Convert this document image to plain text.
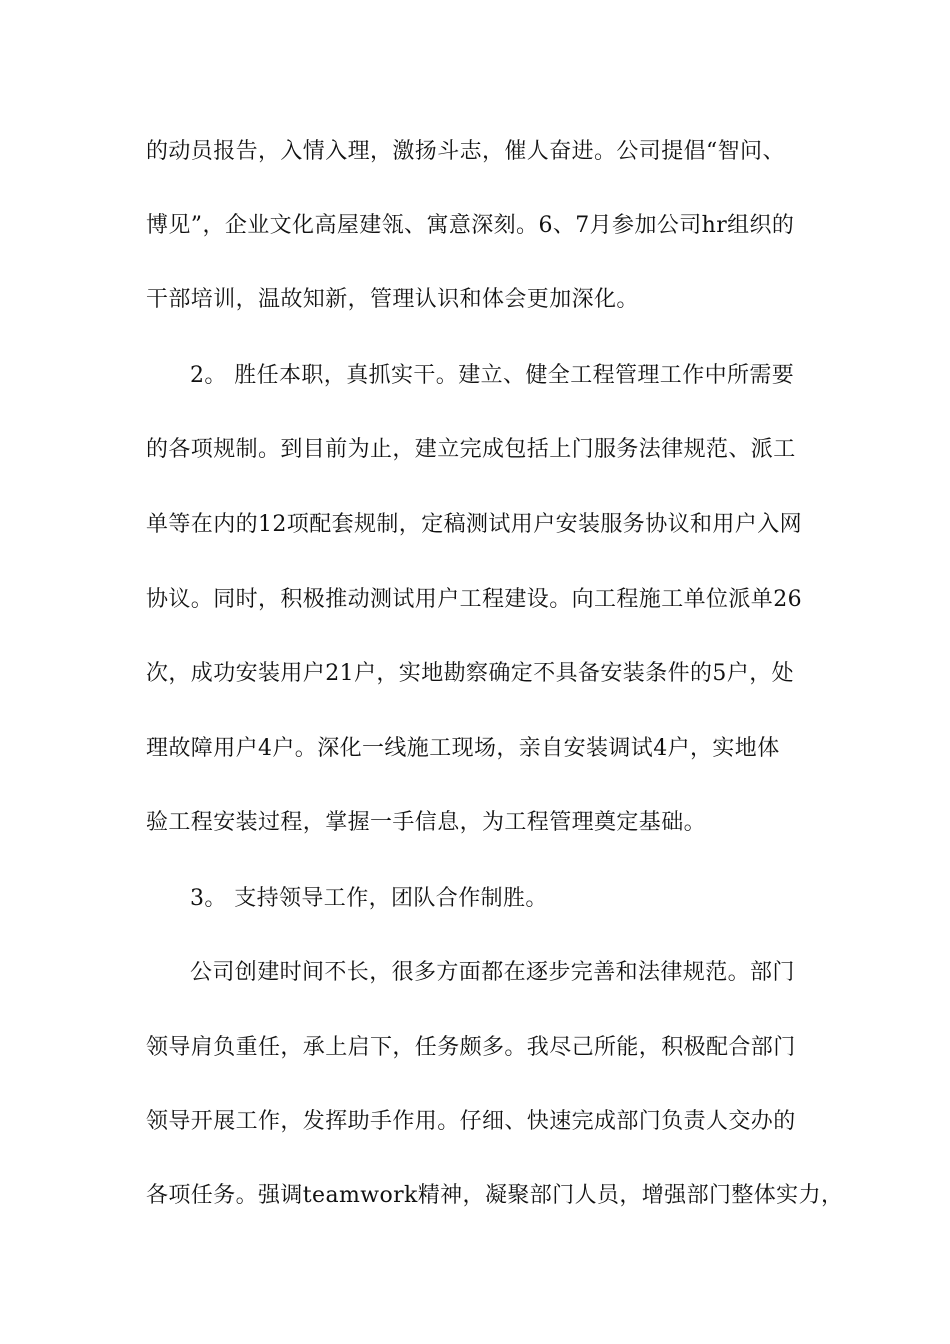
的动员报告，入情入理，激扬斗志，催人奋进。公司提倡“智问、
博见”，企业文化高屋建瓴、寓意深刻。6、7月参加公司hr组织的
干部培训，温故知新，管理认识和体会更加深化。
2。 胜任本职，真抓实干。建立、健全工程管理工作中所需要
的各项规制。到目前为止，建立完成包括上门服务法律规范、派工
单等在内的12项配套规制，定稿测试用户安装服务协议和用户入网
协议。同时，积极推动测试用户工程建设。向工程施工单位派单26
次，成功安装用户21户，实地勘察确定不具备安装条件的5户，处
理故障用户4户。深化一线施工现场，亲自安装调试4户，实地体
验工程安装过程，掌握一手信息，为工程管理奠定基础。
3。 支持领导工作，团队合作制胜。
公司创建时间不长，很多方面都在逐步完善和法律规范。部门
领导肩负重任，承上启下，任务颇多。我尽己所能，积极配合部门
领导开展工作，发挥助手作用。仔细、快速完成部门负责人交办的
各项任务。强调teamwork精神，凝聚部门人员，增强部门整体实力，
